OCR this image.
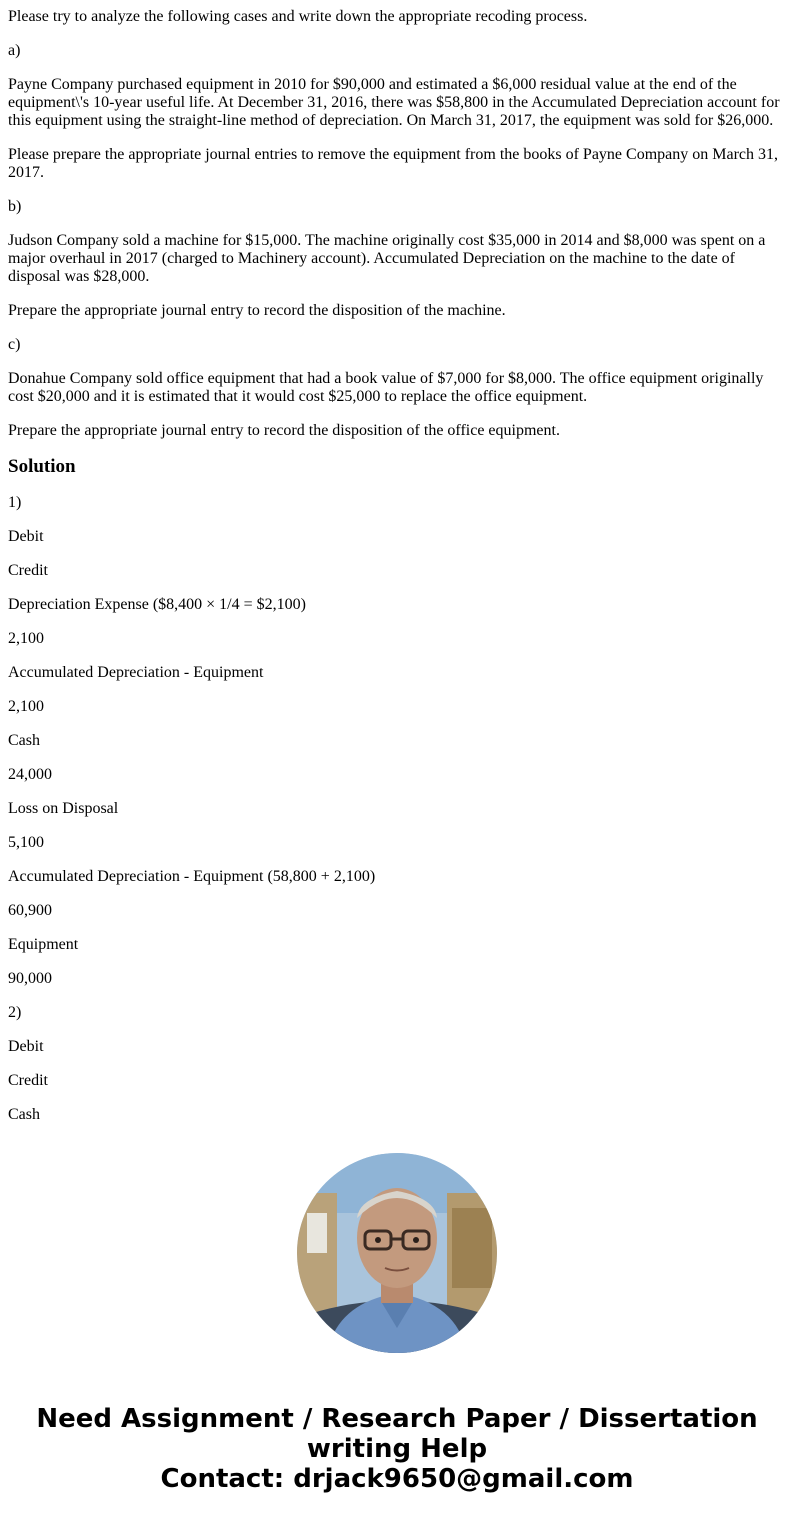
Please try to analyze the following cases and write down the appropriate recoding process.

a)

Payne Company purchased equipment in 2010 for $90,000 and estimated a $6,000 residual value at the end of the equipment\'s 10-year useful life. At December 31, 2016, there was $58,800 in the Accumulated Depreciation account for this equipment using the straight-line method of depreciation. On March 31, 2017, the equipment was sold for $26,000.

Please prepare the appropriate journal entries to remove the equipment from the books of Payne Company on March 31, 2017.

b)

Judson Company sold a machine for $15,000. The machine originally cost $35,000 in 2014 and $8,000 was spent on a major overhaul in 2017 (charged to Machinery account). Accumulated Depreciation on the machine to the date of disposal was $28,000.

Prepare the appropriate journal entry to record the disposition of the machine.

c)

Donahue Company sold office equipment that had a book value of $7,000 for $8,000. The office equipment originally cost $20,000 and it is estimated that it would cost $25,000 to replace the office equipment.

Prepare the appropriate journal entry to record the disposition of the office equipment.

Solution

1)

Debit

Credit

Depreciation Expense ($8,400 × 1/4 = $2,100)

2,100

Accumulated Depreciation - Equipment

2,100

Cash

24,000

Loss on Disposal

5,100

Accumulated Depreciation - Equipment (58,800 + 2,100)

60,900

Equipment

90,000

2)

Debit

Credit

Cash

Need Assignment / Research Paper / Dissertation
writing Help
Contact: drjack9650@gmail.com
